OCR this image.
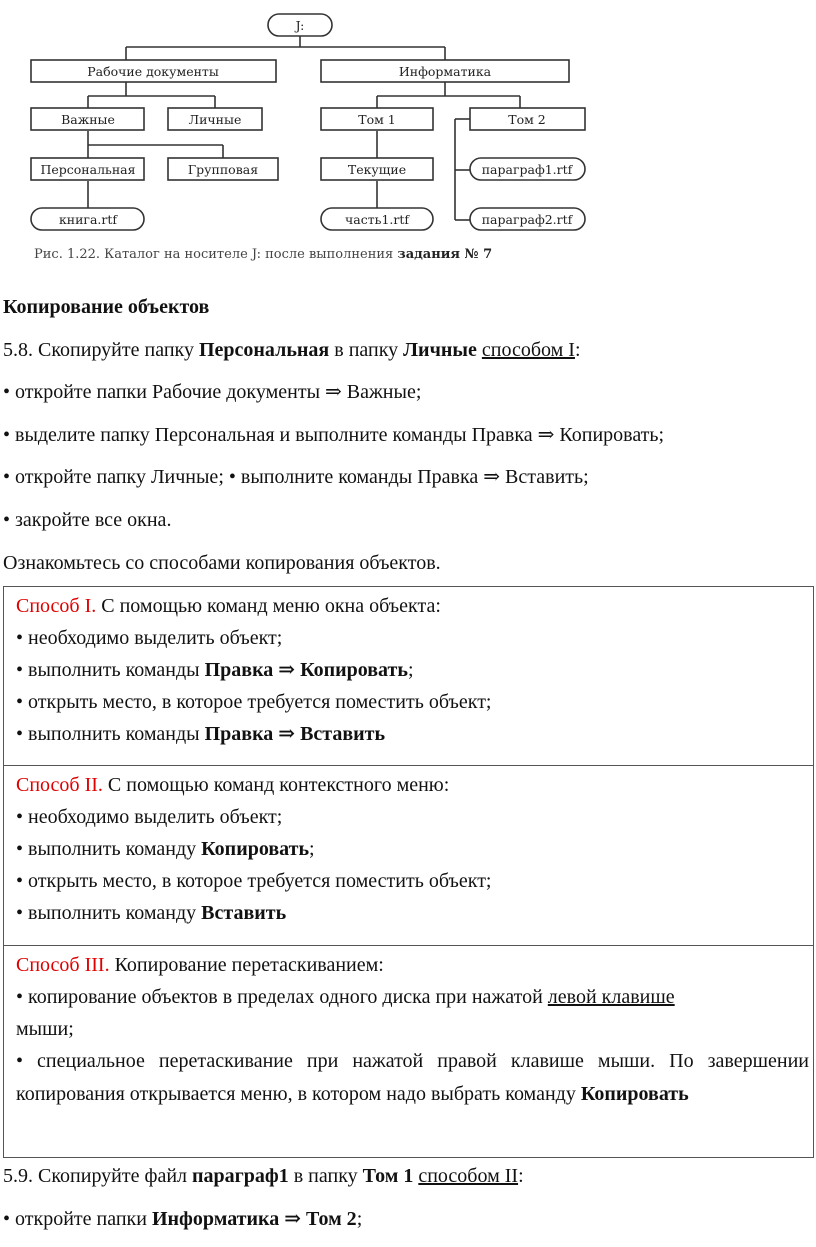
J:
Рабочие документы	Информатика
Важные	Личные	Том 1	Том 2
Персональная	Групповая	Текущие	параграф1.rtf
книга.rtf	часть1.rtf	параграф2.rtf
Рис. 1.22. Каталог на носителе J: после выполнения задания № 7
Копирование объектов
5.8. Скопируйте папку Персональная в папку Личные способом I:
• откройте папки Рабочие документы ⇒ Важные;
• выделите папку Персональная и выполните команды Правка ⇒ Копировать;
• откройте папку Личные; • выполните команды Правка ⇒ Вставить;
• закройте все окна.
Ознакомьтесь со способами копирования объектов.
Способ I. С помощью команд меню окна объекта:
• необходимо выделить объект;
• выполнить команды Правка ⇒ Копировать;
• открыть место, в которое требуется поместить объект;
• выполнить команды Правка ⇒ Вставить
Способ II. С помощью команд контекстного меню:
• необходимо выделить объект;
• выполнить команду Копировать;
• открыть место, в которое требуется поместить объект;
• выполнить команду Вставить
Способ III. Копирование перетаскиванием:
• копирование объектов в пределах одного диска при нажатой левой клавише
мыши;
• специальное перетаскивание при нажатой правой клавише мыши. По завершении копирования открывается меню, в котором надо выбрать команду Копировать
5.9. Скопируйте файл параграф1 в папку Том 1 способом II:
• откройте папки Информатика ⇒ Том 2;
